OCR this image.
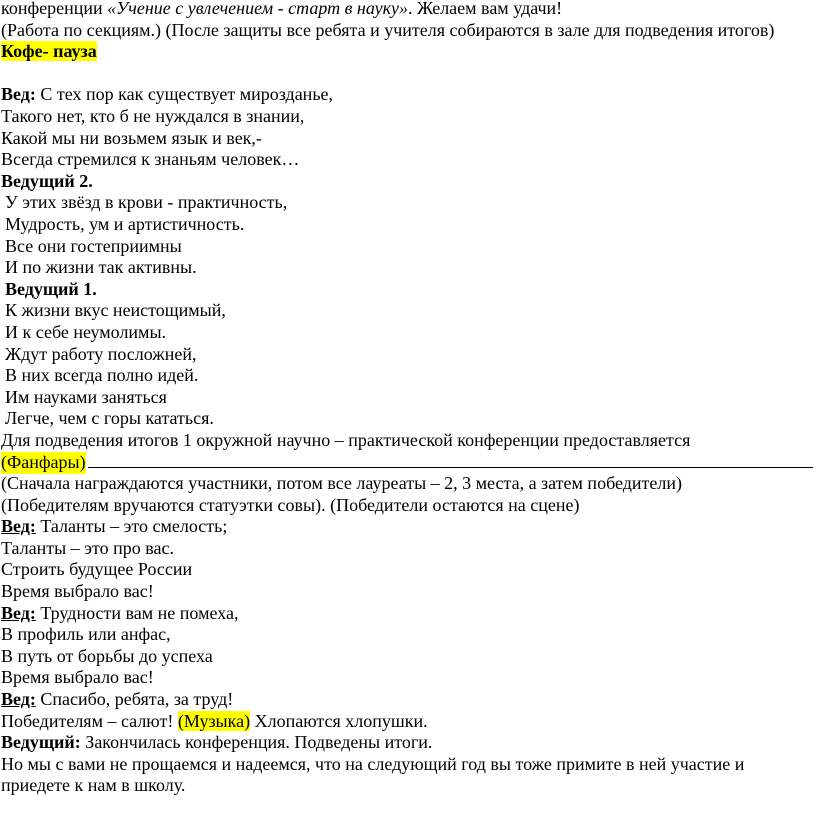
конференции «Учение с увлечением - старт в науку». Желаем вам удачи!
(Работа по секциям.) (После защиты все ребята и учителя собираются в зале для подведения итогов)
Кофе- пауза
Вед: С тех пор как существует мирозданье,
Такого нет, кто б не нуждался в знании,
Какой мы ни возьмем язык и век,-
Всегда стремился к знаньям человек…
Ведущий 2.
У этих звёзд в крови - практичность,
Мудрость, ум и артистичность.
Все они гостеприимны
И по жизни так активны.
Ведущий 1.
К жизни вкус неистощимый,
И к себе неумолимы.
Ждут работу посложней,
В них всегда полно идей.
Им науками заняться
Легче, чем с горы кататься.
Для подведения итогов 1 окружной научно – практической конференции предоставляется
(Фанфары)
(Сначала награждаются участники, потом все лауреаты – 2, 3 места, а затем победители)
(Победителям вручаются статуэтки совы). (Победители остаются на сцене)
Вед: Таланты – это смелость;
Таланты – это про вас.
Строить будущее России
Время выбрало вас!
Вед: Трудности вам не помеха,
В профиль или анфас,
В путь от борьбы до успеха
Время выбрало вас!
Вед: Спасибо, ребята, за труд!
Победителям – салют! (Музыка) Хлопаются хлопушки.
Ведущий: Закончилась конференция. Подведены итоги.
Но мы с вами не прощаемся и надеемся, что на следующий год вы тоже примите в ней участие и
приедете к нам в школу.
